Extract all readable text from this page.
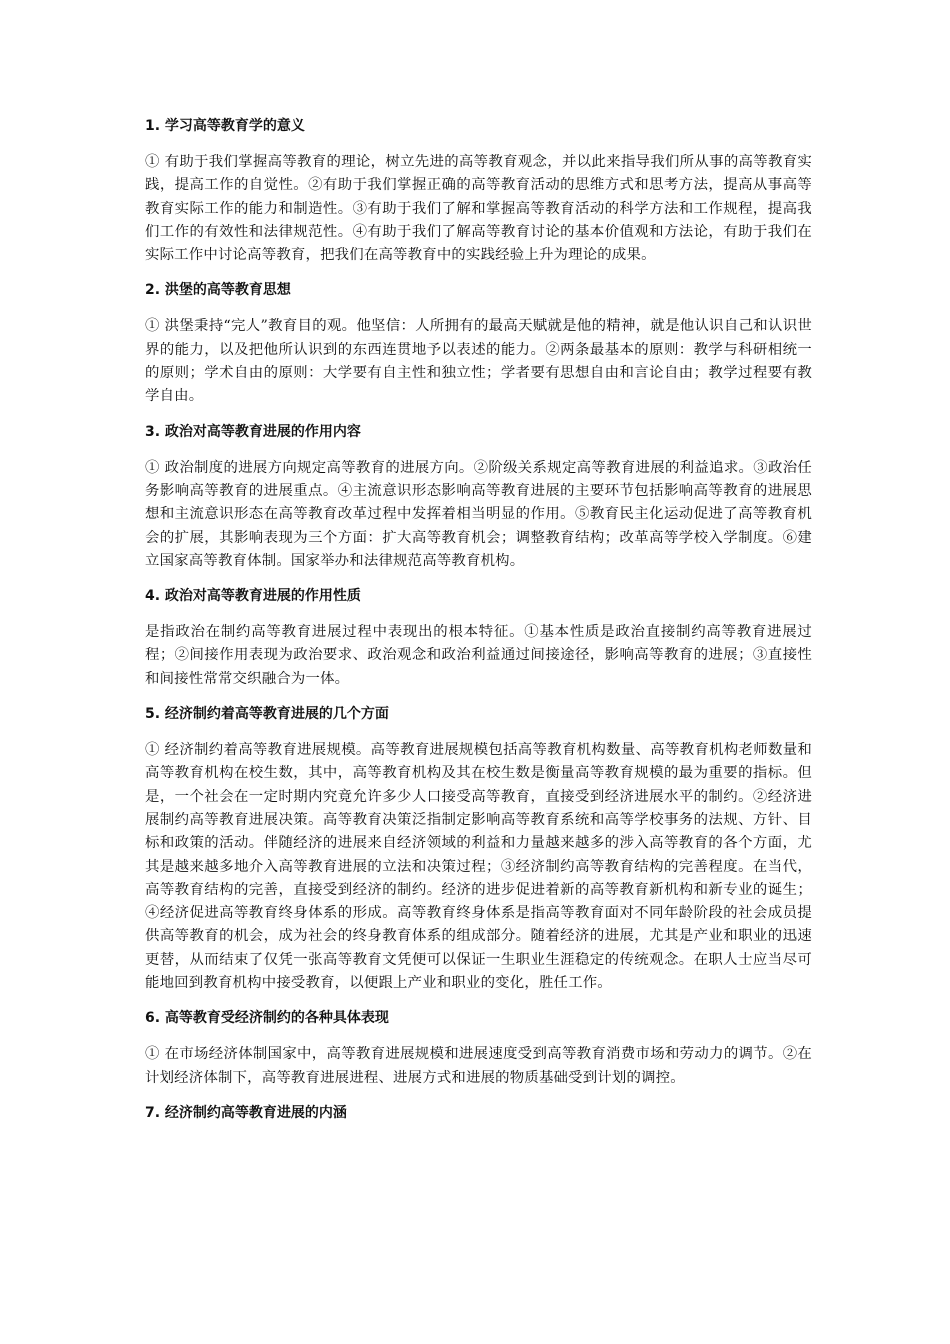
1. 学习高等教育学的意义

① 有助于我们掌握高等教育的理论，树立先进的高等教育观念，并以此来指导我们所从事的高等教育实践，提高工作的自觉性。②有助于我们掌握正确的高等教育活动的思维方式和思考方法，提高从事高等教育实际工作的能力和制造性。③有助于我们了解和掌握高等教育活动的科学方法和工作规程，提高我们工作的有效性和法律规范性。④有助于我们了解高等教育讨论的基本价值观和方法论，有助于我们在实际工作中讨论高等教育，把我们在高等教育中的实践经验上升为理论的成果。

2. 洪堡的高等教育思想

① 洪堡秉持“完人”教育目的观。他坚信：人所拥有的最高天赋就是他的精神，就是他认识自己和认识世界的能力，以及把他所认识到的东西连贯地予以表述的能力。②两条最基本的原则：教学与科研相统一的原则；学术自由的原则：大学要有自主性和独立性；学者要有思想自由和言论自由；教学过程要有教学自由。

3. 政治对高等教育进展的作用内容

① 政治制度的进展方向规定高等教育的进展方向。②阶级关系规定高等教育进展的利益追求。③政治任务影响高等教育的进展重点。④主流意识形态影响高等教育进展的主要环节包括影响高等教育的进展思想和主流意识形态在高等教育改革过程中发挥着相当明显的作用。⑤教育民主化运动促进了高等教育机会的扩展，其影响表现为三个方面：扩大高等教育机会；调整教育结构；改革高等学校入学制度。⑥建立国家高等教育体制。国家举办和法律规范高等教育机构。

4. 政治对高等教育进展的作用性质

是指政治在制约高等教育进展过程中表现出的根本特征。①基本性质是政治直接制约高等教育进展过程；②间接作用表现为政治要求、政治观念和政治利益通过间接途径，影响高等教育的进展；③直接性和间接性常常交织融合为一体。

5. 经济制约着高等教育进展的几个方面

① 经济制约着高等教育进展规模。高等教育进展规模包括高等教育机构数量、高等教育机构老师数量和高等教育机构在校生数，其中，高等教育机构及其在校生数是衡量高等教育规模的最为重要的指标。但是，一个社会在一定时期内究竟允许多少人口接受高等教育，直接受到经济进展水平的制约。②经济进展制约高等教育进展决策。高等教育决策泛指制定影响高等教育系统和高等学校事务的法规、方针、目标和政策的活动。伴随经济的进展来自经济领域的利益和力量越来越多的涉入高等教育的各个方面，尤其是越来越多地介入高等教育进展的立法和决策过程；③经济制约高等教育结构的完善程度。在当代，高等教育结构的完善，直接受到经济的制约。经济的进步促进着新的高等教育新机构和新专业的诞生；④经济促进高等教育终身体系的形成。高等教育终身体系是指高等教育面对不同年龄阶段的社会成员提供高等教育的机会，成为社会的终身教育体系的组成部分。随着经济的进展，尤其是产业和职业的迅速更替，从而结束了仅凭一张高等教育文凭便可以保证一生职业生涯稳定的传统观念。在职人士应当尽可能地回到教育机构中接受教育，以便跟上产业和职业的变化，胜任工作。

6. 高等教育受经济制约的各种具体表现

① 在市场经济体制国家中，高等教育进展规模和进展速度受到高等教育消费市场和劳动力的调节。②在计划经济体制下，高等教育进展进程、进展方式和进展的物质基础受到计划的调控。

7. 经济制约高等教育进展的内涵
